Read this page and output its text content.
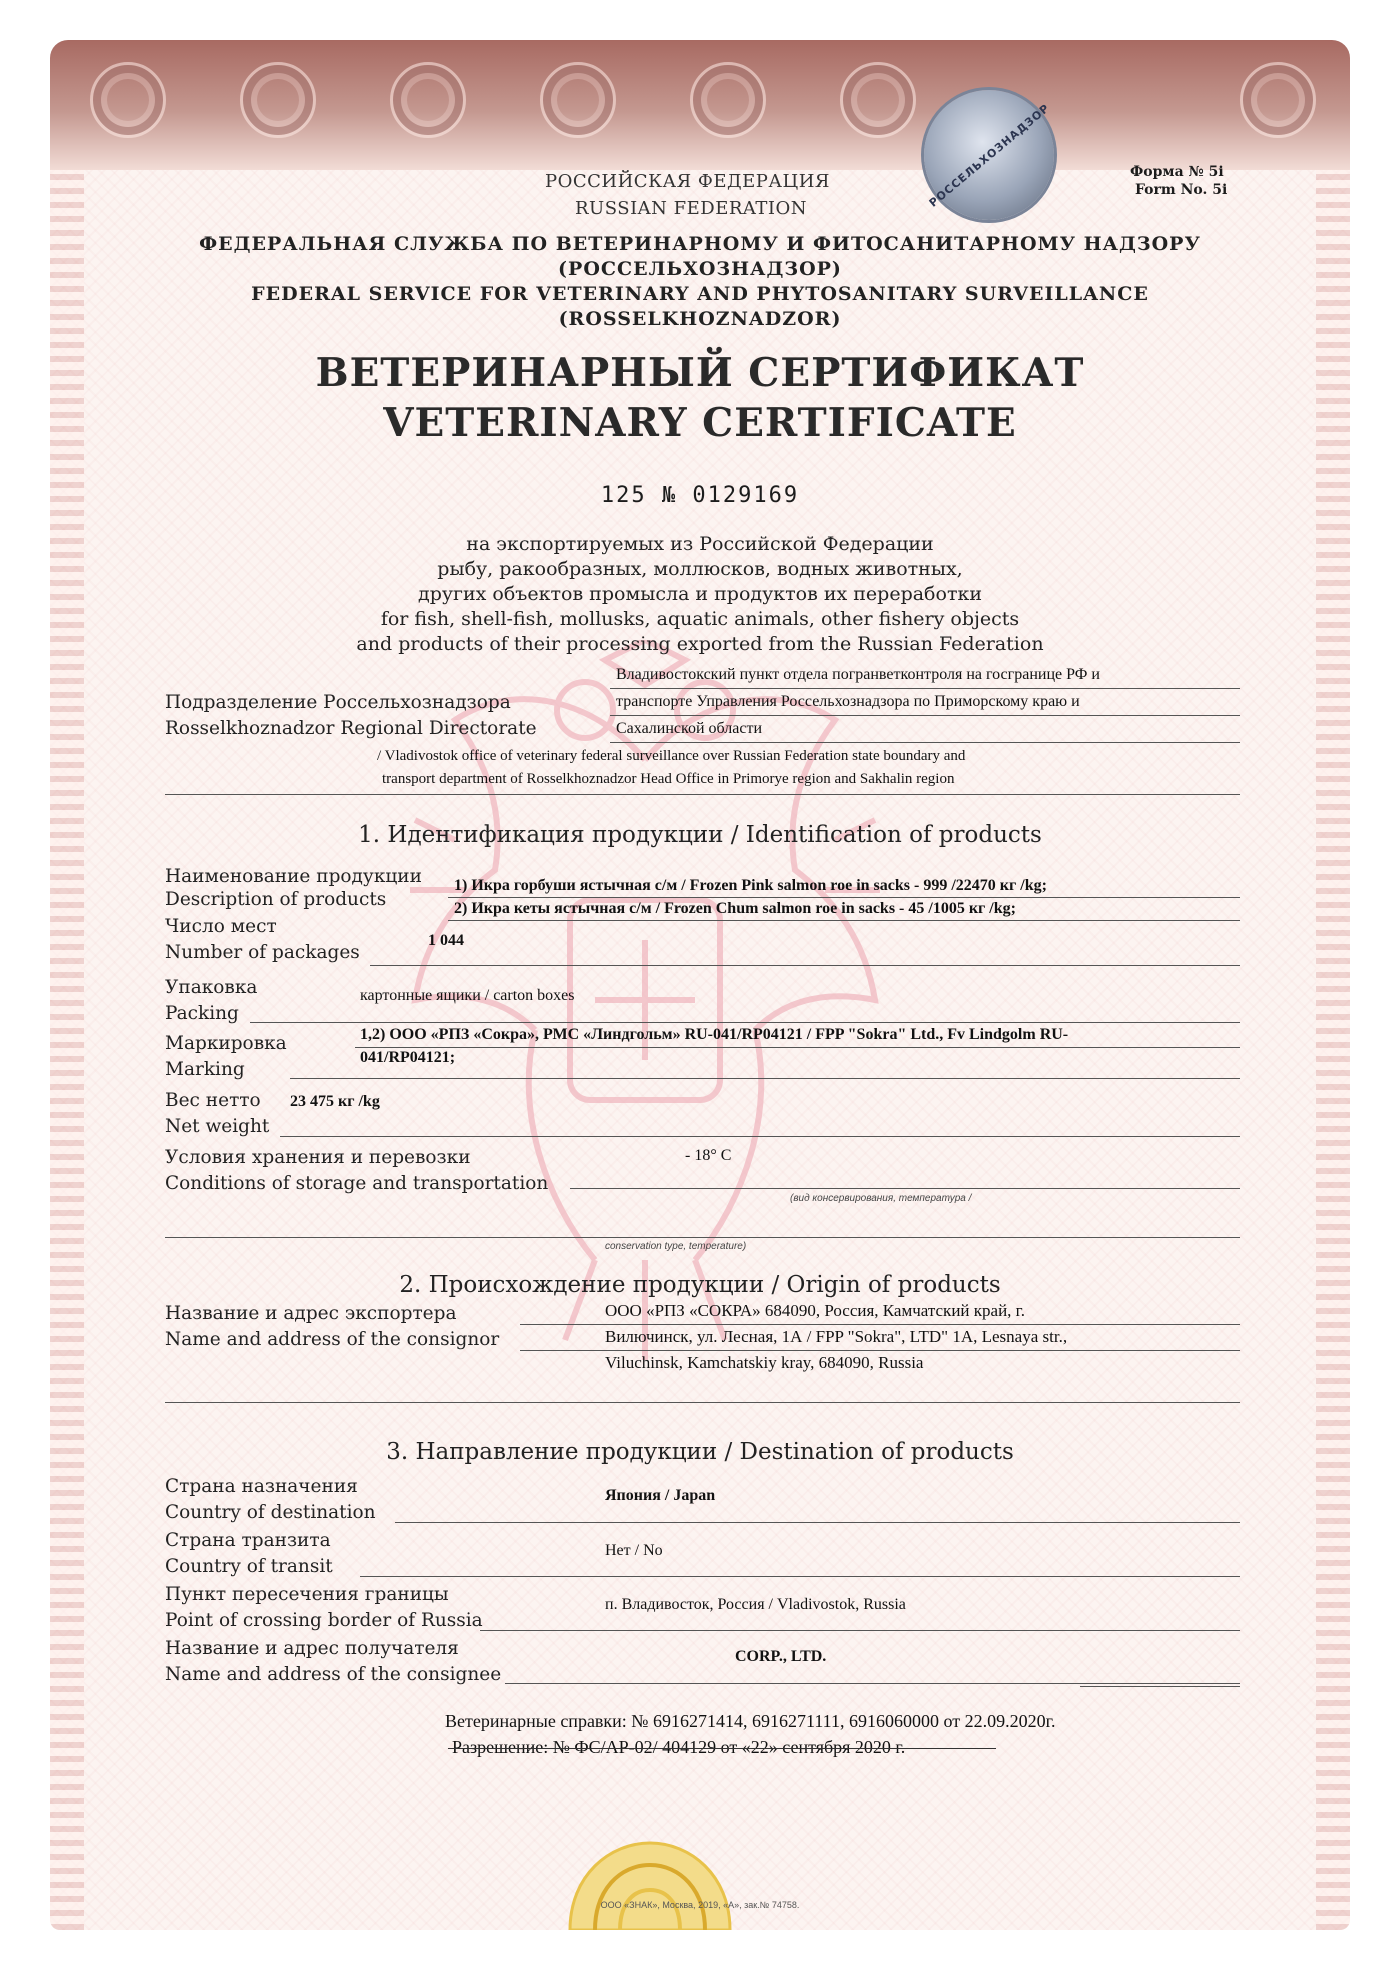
РОССЕЛЬХОЗНАДЗОР
РОССИЙСКАЯ ФЕДЕРАЦИЯ
RUSSIAN FEDERATION
Форма № 5i
Form No. 5i
ФЕДЕРАЛЬНАЯ СЛУЖБА ПО ВЕТЕРИНАРНОМУ И ФИТОСАНИТАРНОМУ НАДЗОРУ
(РОССЕЛЬХОЗНАДЗОР)
FEDERAL SERVICE FOR VETERINARY AND PHYTOSANITARY SURVEILLANCE
(ROSSELKHOZNADZOR)
ВЕТЕРИНАРНЫЙ СЕРТИФИКАТ
VETERINARY CERTIFICATE
125 № 0129169
на экспортируемых из Российской Федерации
рыбу, ракообразных, моллюсков, водных животных,
других объектов промысла и продуктов их переработки
for fish, shell-fish, mollusks, aquatic animals, other fishery objects
and products of their processing exported from the Russian Federation
Подразделение Россельхознадзора
Rosselkhoznadzor Regional Directorate
Владивостокский пункт отдела погранветконтроля на госгранице РФ и
транспорте Управления Россельхознадзора по Приморскому краю и
Сахалинской области
/ Vladivostok office of veterinary federal surveillance over Russian Federation state boundary and
transport department of Rosselkhoznadzor Head Office in Primorye region and Sakhalin region
1. Идентификация продукции / Identification of products
Наименование продукции
Description of products
1) Икра горбуши ястычная с/м / Frozen Pink salmon roe in sacks - 999 /22470 кг /kg;
2) Икра кеты ястычная с/м / Frozen Chum salmon roe in sacks - 45 /1005 кг /kg;
Число мест
Number of packages
1 044
Упаковка
Packing
картонные ящики / carton boxes
Маркировка
Marking
1,2) ООО «РПЗ «Сокра», РМС «Линдгольм» RU-041/RP04121 / FPP "Sokra" Ltd., Fv Lindgolm RU-
041/RP04121;
Вес нетто
Net weight
23 475 кг /kg
Условия хранения и перевозки
Conditions of storage and transportation
- 18° C
(вид консервирования, температура /
conservation type, temperature)
2. Происхождение продукции / Origin of products
Название и адрес экспортера
Name and address of the consignor
ООО «РПЗ «СОКРА» 684090, Россия, Камчатский край, г.
Вилючинск, ул. Лесная, 1А / FPP "Sokra", LTD" 1A, Lesnaya str.,
Viluchinsk, Kamchatskiy kray, 684090, Russia
3. Направление продукции / Destination of products
Страна назначения
Country of destination
Япония / Japan
Страна транзита
Country of transit
Нет / No
Пункт пересечения границы
Point of crossing border of Russia
п. Владивосток, Россия / Vladivostok, Russia
Название и адрес получателя
Name and address of the consignee
CORP., LTD.
Ветеринарные справки: № 6916271414, 6916271111, 6916060000 от 22.09.2020г.
Разрешение: № ФС/АР-02/ 404129 от «22» сентября 2020 г.
ООО «ЗНАК», Москва, 2019, «А», зак.№ 74758.
